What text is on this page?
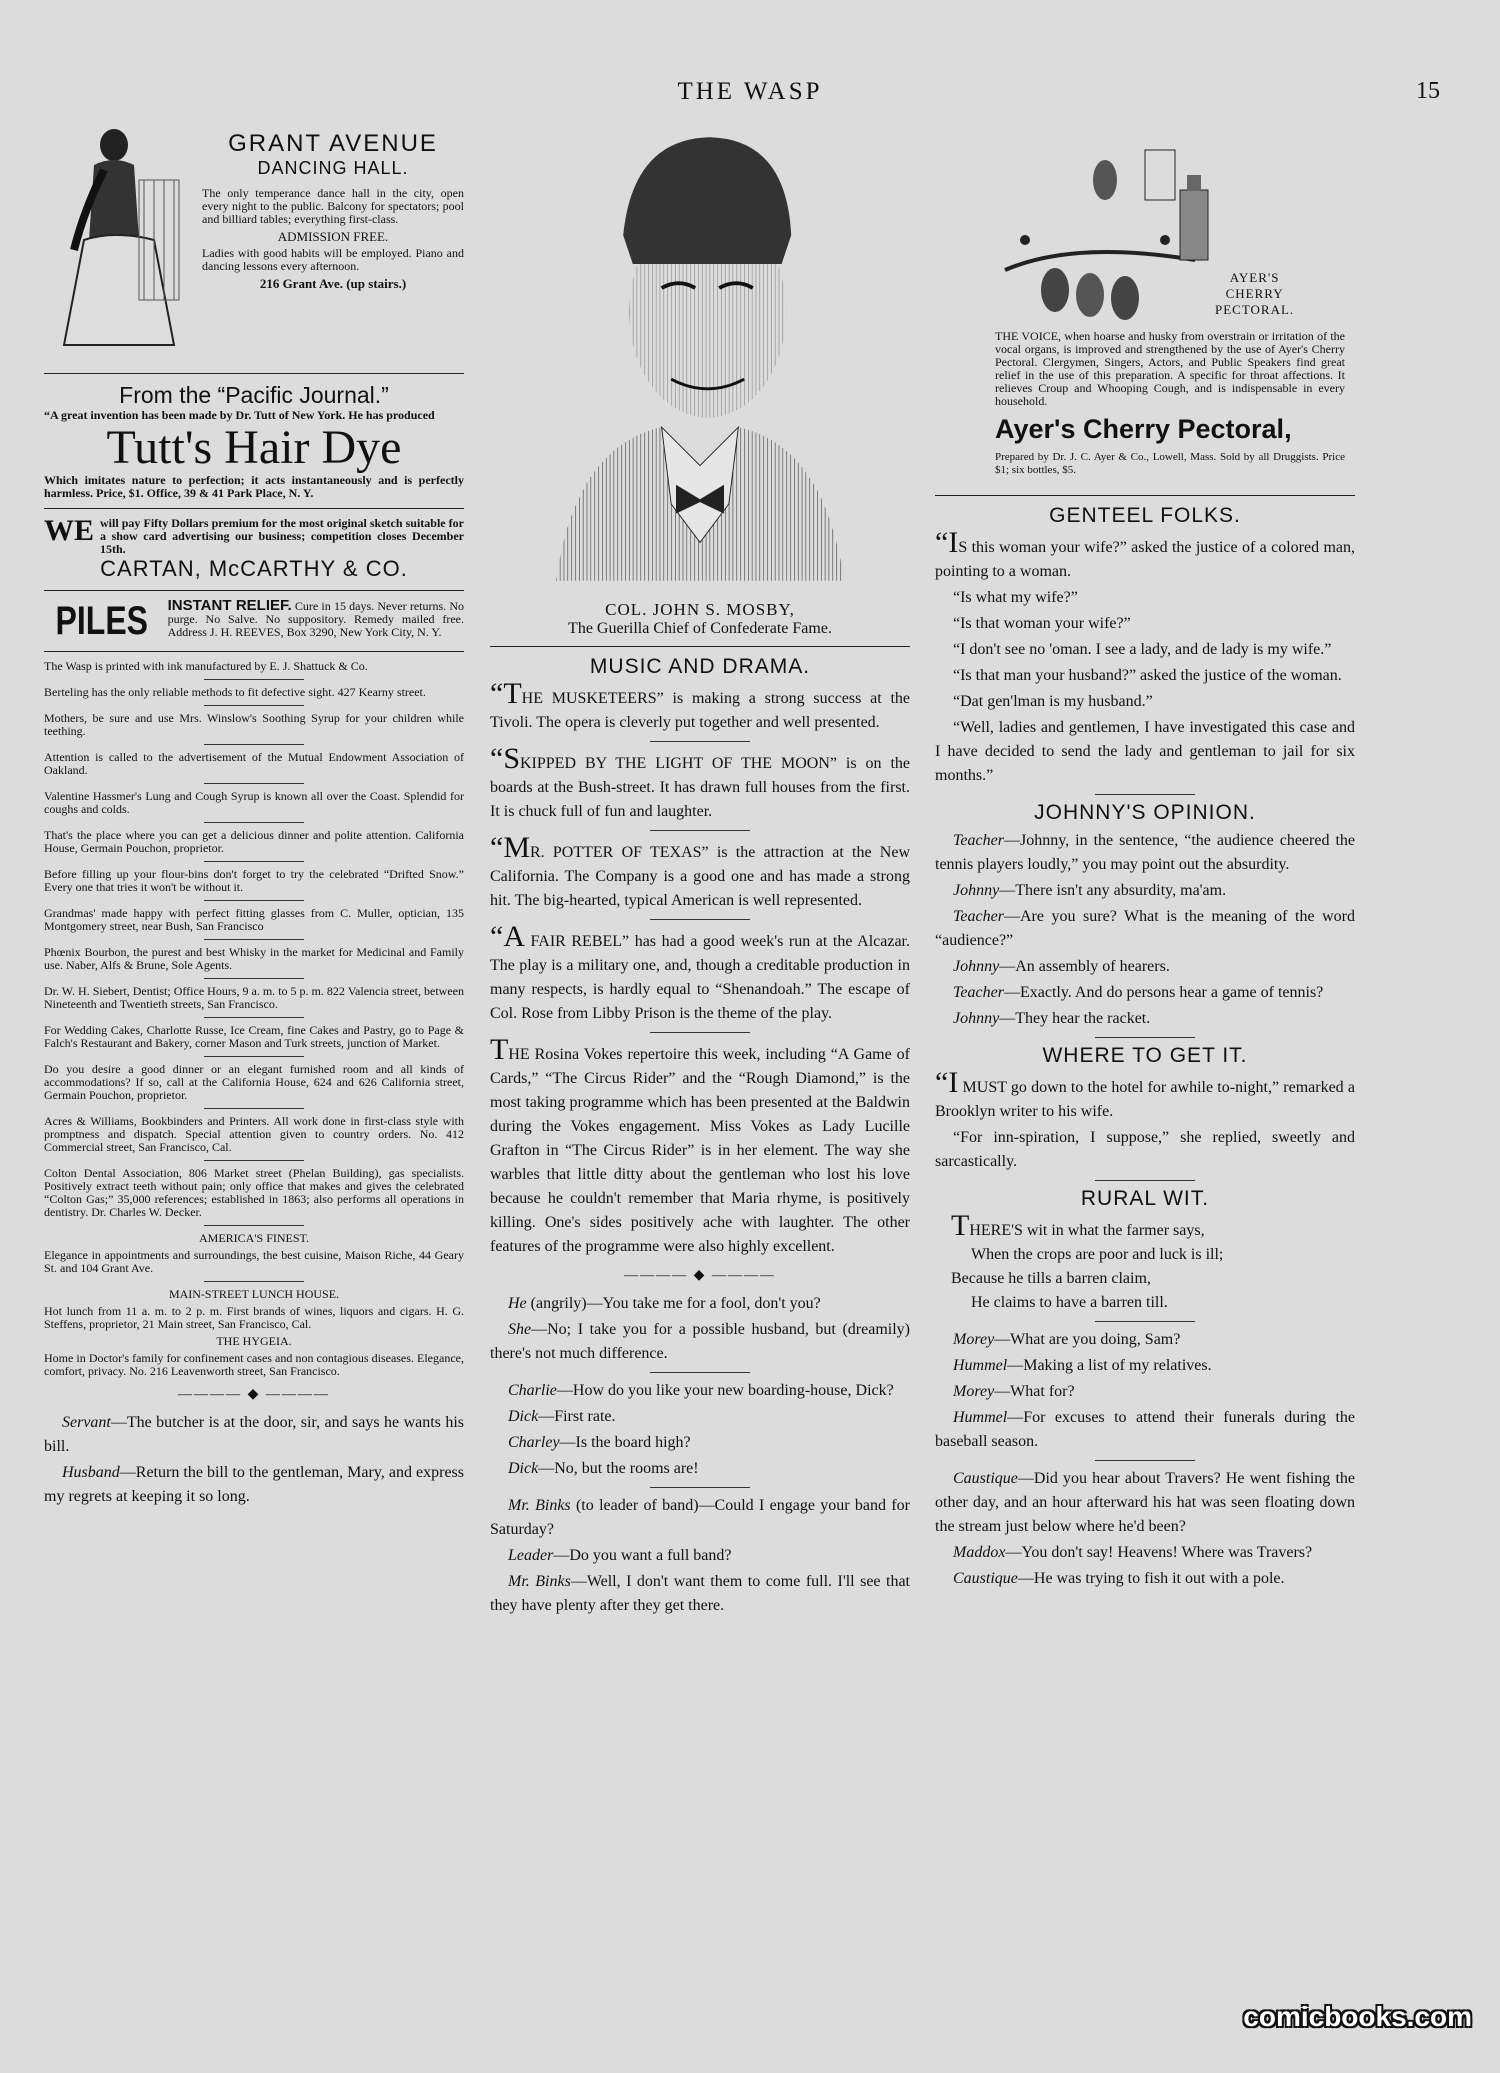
THE WASP	15
GRANT AVENUE
DANCING HALL.
The only temperance dance hall in the city, open every night to the public. Balcony for spectators; pool and billiard tables; everything first-class.
ADMISSION FREE.
Ladies with good habits will be employed. Piano and dancing lessons every afternoon.
216 Grant Ave. (up stairs.)
From the “Pacific Journal.”
“A great invention has been made by Dr. Tutt of New York. He has produced
Tutt's Hair Dye
Which imitates nature to perfection; it acts instantaneously and is perfectly harmless. Price, $1. Office, 39 & 41 Park Place, N. Y.
WE will pay Fifty Dollars premium for the most original sketch suitable for a show card advertising our business; competition closes December 15th.
CARTAN, McCARTHY & CO.
PILES INSTANT RELIEF. Cure in 15 days. Never returns. No purge. No Salve. No suppository. Remedy mailed free. Address J. H. REEVES, Box 3290, New York City, N. Y.

The Wasp is printed with ink manufactured by E. J. Shattuck & Co.

Berteling has the only reliable methods to fit defective sight. 427 Kearny street.

Mothers, be sure and use Mrs. Winslow's Soothing Syrup for your children while teething.

Attention is called to the advertisement of the Mutual Endowment Association of Oakland.

Valentine Hassmer's Lung and Cough Syrup is known all over the Coast. Splendid for coughs and colds.

That's the place where you can get a delicious dinner and polite attention. California House, Germain Pouchon, proprietor.

Before filling up your flour-bins don't forget to try the celebrated “Drifted Snow.” Every one that tries it won't be without it.

Grandmas' made happy with perfect fitting glasses from C. Muller, optician, 135 Montgomery street, near Bush, San Francisco

Phœnix Bourbon, the purest and best Whisky in the market for Medicinal and Family use. Naber, Alfs & Brune, Sole Agents.

Dr. W. H. Siebert, Dentist; Office Hours, 9 a. m. to 5 p. m. 822 Valencia street, between Nineteenth and Twentieth streets, San Francisco.

For Wedding Cakes, Charlotte Russe, Ice Cream, fine Cakes and Pastry, go to Page & Falch's Restaurant and Bakery, corner Mason and Turk streets, junction of Market.

Do you desire a good dinner or an elegant furnished room and all kinds of accommodations? If so, call at the California House, 624 and 626 California street, Germain Pouchon, proprietor.

Acres & Williams, Bookbinders and Printers. All work done in first-class style with promptness and dispatch. Special attention given to country orders. No. 412 Commercial street, San Francisco, Cal.

Colton Dental Association, 806 Market street (Phelan Building), gas specialists. Positively extract teeth without pain; only office that makes and gives the celebrated “Colton Gas;” 35,000 references; established in 1863; also performs all operations in dentistry. Dr. Charles W. Decker.

AMERICA'S FINEST.

Elegance in appointments and surroundings, the best cuisine, Maison Riche, 44 Geary St. and 104 Grant Ave.

MAIN-STREET LUNCH HOUSE.

Hot lunch from 11 a. m. to 2 p. m. First brands of wines, liquors and cigars. H. G. Steffens, proprietor, 21 Main street, San Francisco, Cal.

THE HYGEIA.

Home in Doctor's family for confinement cases and non contagious diseases. Elegance, comfort, privacy. No. 216 Leavenworth street, San Francisco.

———— ◆ ————

Servant—The butcher is at the door, sir, and says he wants his bill.

Husband—Return the bill to the gentleman, Mary, and express my regrets at keeping it so long.

COL. JOHN S. MOSBY,
The Guerilla Chief of Confederate Fame.
MUSIC AND DRAMA.

“THE MUSKETEERS” is making a strong success at the Tivoli. The opera is cleverly put together and well presented.

“SKIPPED BY THE LIGHT OF THE MOON” is on the boards at the Bush-street. It has drawn full houses from the first. It is chuck full of fun and laughter.

“MR. POTTER OF TEXAS” is the attraction at the New California. The Company is a good one and has made a strong hit. The big-hearted, typical American is well represented.

“A FAIR REBEL” has had a good week's run at the Alcazar. The play is a military one, and, though a creditable production in many respects, is hardly equal to “Shenandoah.” The escape of Col. Rose from Libby Prison is the theme of the play.

THE Rosina Vokes repertoire this week, including “A Game of Cards,” “The Circus Rider” and the “Rough Diamond,” is the most taking programme which has been presented at the Baldwin during the Vokes engagement. Miss Vokes as Lady Lucille Grafton in “The Circus Rider” is in her element. The way she warbles that little ditty about the gentleman who lost his love because he couldn't remember that Maria rhyme, is positively killing. One's sides positively ache with laughter. The other features of the programme were also highly excellent.

———— ◆ ————

He (angrily)—You take me for a fool, don't you?

She—No; I take you for a possible husband, but (dreamily) there's not much difference.

Charlie—How do you like your new boarding-house, Dick?

Dick—First rate.

Charley—Is the board high?

Dick—No, but the rooms are!

Mr. Binks (to leader of band)—Could I engage your band for Saturday?

Leader—Do you want a full band?

Mr. Binks—Well, I don't want them to come full. I'll see that they have plenty after they get there.

AYER'S
CHERRY
PECTORAL.
THE VOICE, when hoarse and husky from overstrain or irritation of the vocal organs, is improved and strengthened by the use of Ayer's Cherry Pectoral. Clergymen, Singers, Actors, and Public Speakers find great relief in the use of this preparation. A specific for throat affections. It relieves Croup and Whooping Cough, and is indispensable in every household.
Ayer's Cherry Pectoral,
Prepared by Dr. J. C. Ayer & Co., Lowell, Mass. Sold by all Druggists. Price $1; six bottles, $5.
GENTEEL FOLKS.

“IS this woman your wife?” asked the justice of a colored man, pointing to a woman.

“Is what my wife?”

“Is that woman your wife?”

“I don't see no 'oman. I see a lady, and de lady is my wife.”

“Is that man your husband?” asked the justice of the woman.

“Dat gen'lman is my husband.”

“Well, ladies and gentlemen, I have investigated this case and I have decided to send the lady and gentleman to jail for six months.”

JOHNNY'S OPINION.

Teacher—Johnny, in the sentence, “the audience cheered the tennis players loudly,” you may point out the absurdity.

Johnny—There isn't any absurdity, ma'am.

Teacher—Are you sure? What is the meaning of the word “audience?”

Johnny—An assembly of hearers.

Teacher—Exactly. And do persons hear a game of tennis?

Johnny—They hear the racket.

WHERE TO GET IT.

“I MUST go down to the hotel for awhile to-night,” remarked a Brooklyn writer to his wife.

“For inn-spiration, I suppose,” she replied, sweetly and sarcastically.

RURAL WIT.
THERE'S wit in what the farmer says,
When the crops are poor and luck is ill;
Because he tills a barren claim,
He claims to have a barren till.

Morey—What are you doing, Sam?

Hummel—Making a list of my relatives.

Morey—What for?

Hummel—For excuses to attend their funerals during the baseball season.

Caustique—Did you hear about Travers? He went fishing the other day, and an hour afterward his hat was seen floating down the stream just below where he'd been?

Maddox—You don't say! Heavens! Where was Travers?

Caustique—He was trying to fish it out with a pole.

comicbooks.com
